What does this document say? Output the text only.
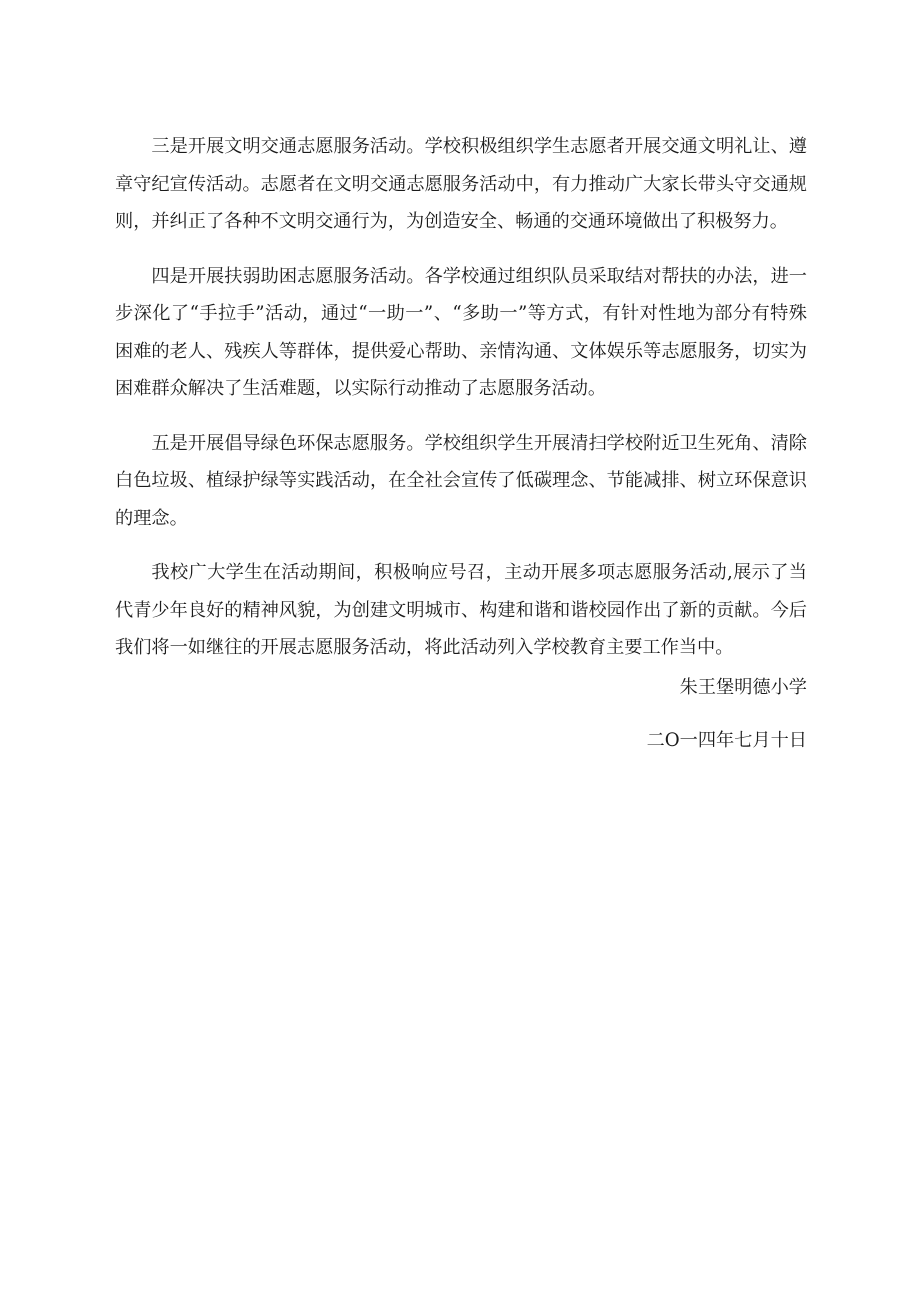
三是开展文明交通志愿服务活动。学校积极组织学生志愿者开展交通文明礼让、遵章守纪宣传活动。志愿者在文明交通志愿服务活动中，有力推动广大家长带头守交通规则，并纠正了各种不文明交通行为，为创造安全、畅通的交通环境做出了积极努力。

四是开展扶弱助困志愿服务活动。各学校通过组织队员采取结对帮扶的办法，进一步深化了“手拉手”活动，通过“一助一”、“多助一”等方式，有针对性地为部分有特殊困难的老人、残疾人等群体，提供爱心帮助、亲情沟通、文体娱乐等志愿服务，切实为困难群众解决了生活难题，以实际行动推动了志愿服务活动。

五是开展倡导绿色环保志愿服务。学校组织学生开展清扫学校附近卫生死角、清除白色垃圾、植绿护绿等实践活动，在全社会宣传了低碳理念、节能减排、树立环保意识的理念。

我校广大学生在活动期间，积极响应号召，主动开展多项志愿服务活动,展示了当代青少年良好的精神风貌，为创建文明城市、构建和谐和谐校园作出了新的贡献。今后我们将一如继往的开展志愿服务活动，将此活动列入学校教育主要工作当中。

朱王堡明德小学

二O一四年七月十日
